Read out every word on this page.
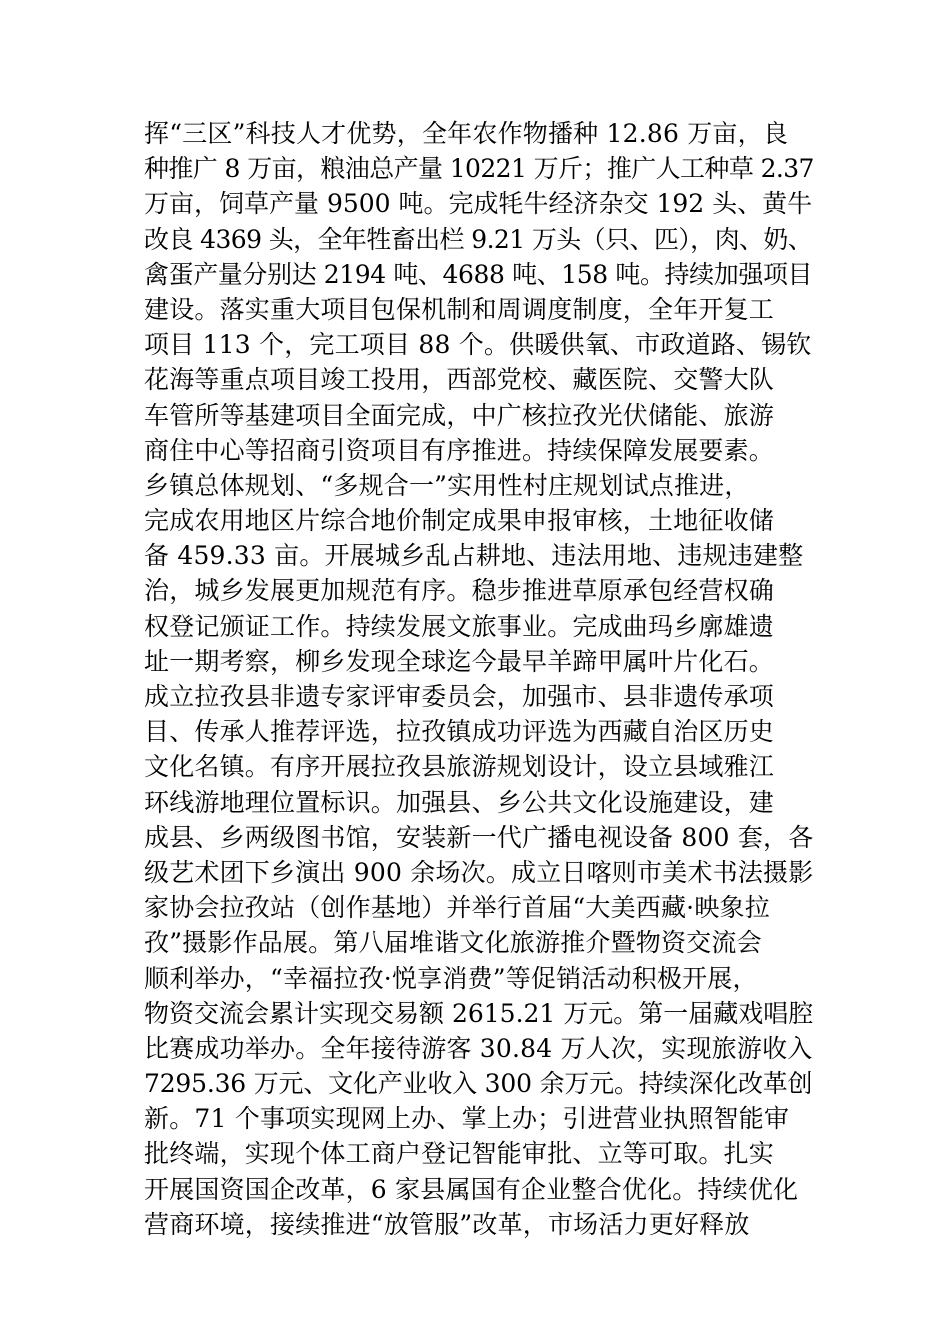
挥“三区”科技人才优势，全年农作物播种 12.86 万亩，良
种推广 8 万亩，粮油总产量 10221 万斤；推广人工种草 2.37
万亩，饲草产量 9500 吨。完成牦牛经济杂交 192 头、黄牛
改良 4369 头，全年牲畜出栏 9.21 万头（只、匹），肉、奶、
禽蛋产量分别达 2194 吨、4688 吨、158 吨。持续加强项目
建设。落实重大项目包保机制和周调度制度，全年开复工
项目 113 个，完工项目 88 个。供暖供氧、市政道路、锡钦
花海等重点项目竣工投用，西部党校、藏医院、交警大队
车管所等基建项目全面完成，中广核拉孜光伏储能、旅游
商住中心等招商引资项目有序推进。持续保障发展要素。
乡镇总体规划、“多规合一”实用性村庄规划试点推进，
完成农用地区片综合地价制定成果申报审核，土地征收储
备 459.33 亩。开展城乡乱占耕地、违法用地、违规违建整
治，城乡发展更加规范有序。稳步推进草原承包经营权确
权登记颁证工作。持续发展文旅事业。完成曲玛乡廓雄遗
址一期考察，柳乡发现全球迄今最早羊蹄甲属叶片化石。
成立拉孜县非遗专家评审委员会，加强市、县非遗传承项
目、传承人推荐评选，拉孜镇成功评选为西藏自治区历史
文化名镇。有序开展拉孜县旅游规划设计，设立县域雅江
环线游地理位置标识。加强县、乡公共文化设施建设，建
成县、乡两级图书馆，安装新一代广播电视设备 800 套，各
级艺术团下乡演出 900 余场次。成立日喀则市美术书法摄影
家协会拉孜站（创作基地）并举行首届“大美西藏·映象拉
孜”摄影作品展。第八届堆谐文化旅游推介暨物资交流会
顺利举办，“幸福拉孜·悦享消费”等促销活动积极开展，
物资交流会累计实现交易额 2615.21 万元。第一届藏戏唱腔
比赛成功举办。全年接待游客 30.84 万人次，实现旅游收入
7295.36 万元、文化产业收入 300 余万元。持续深化改革创
新。71 个事项实现网上办、掌上办；引进营业执照智能审
批终端，实现个体工商户登记智能审批、立等可取。扎实
开展国资国企改革，6 家县属国有企业整合优化。持续优化
营商环境，接续推进“放管服”改革，市场活力更好释放
